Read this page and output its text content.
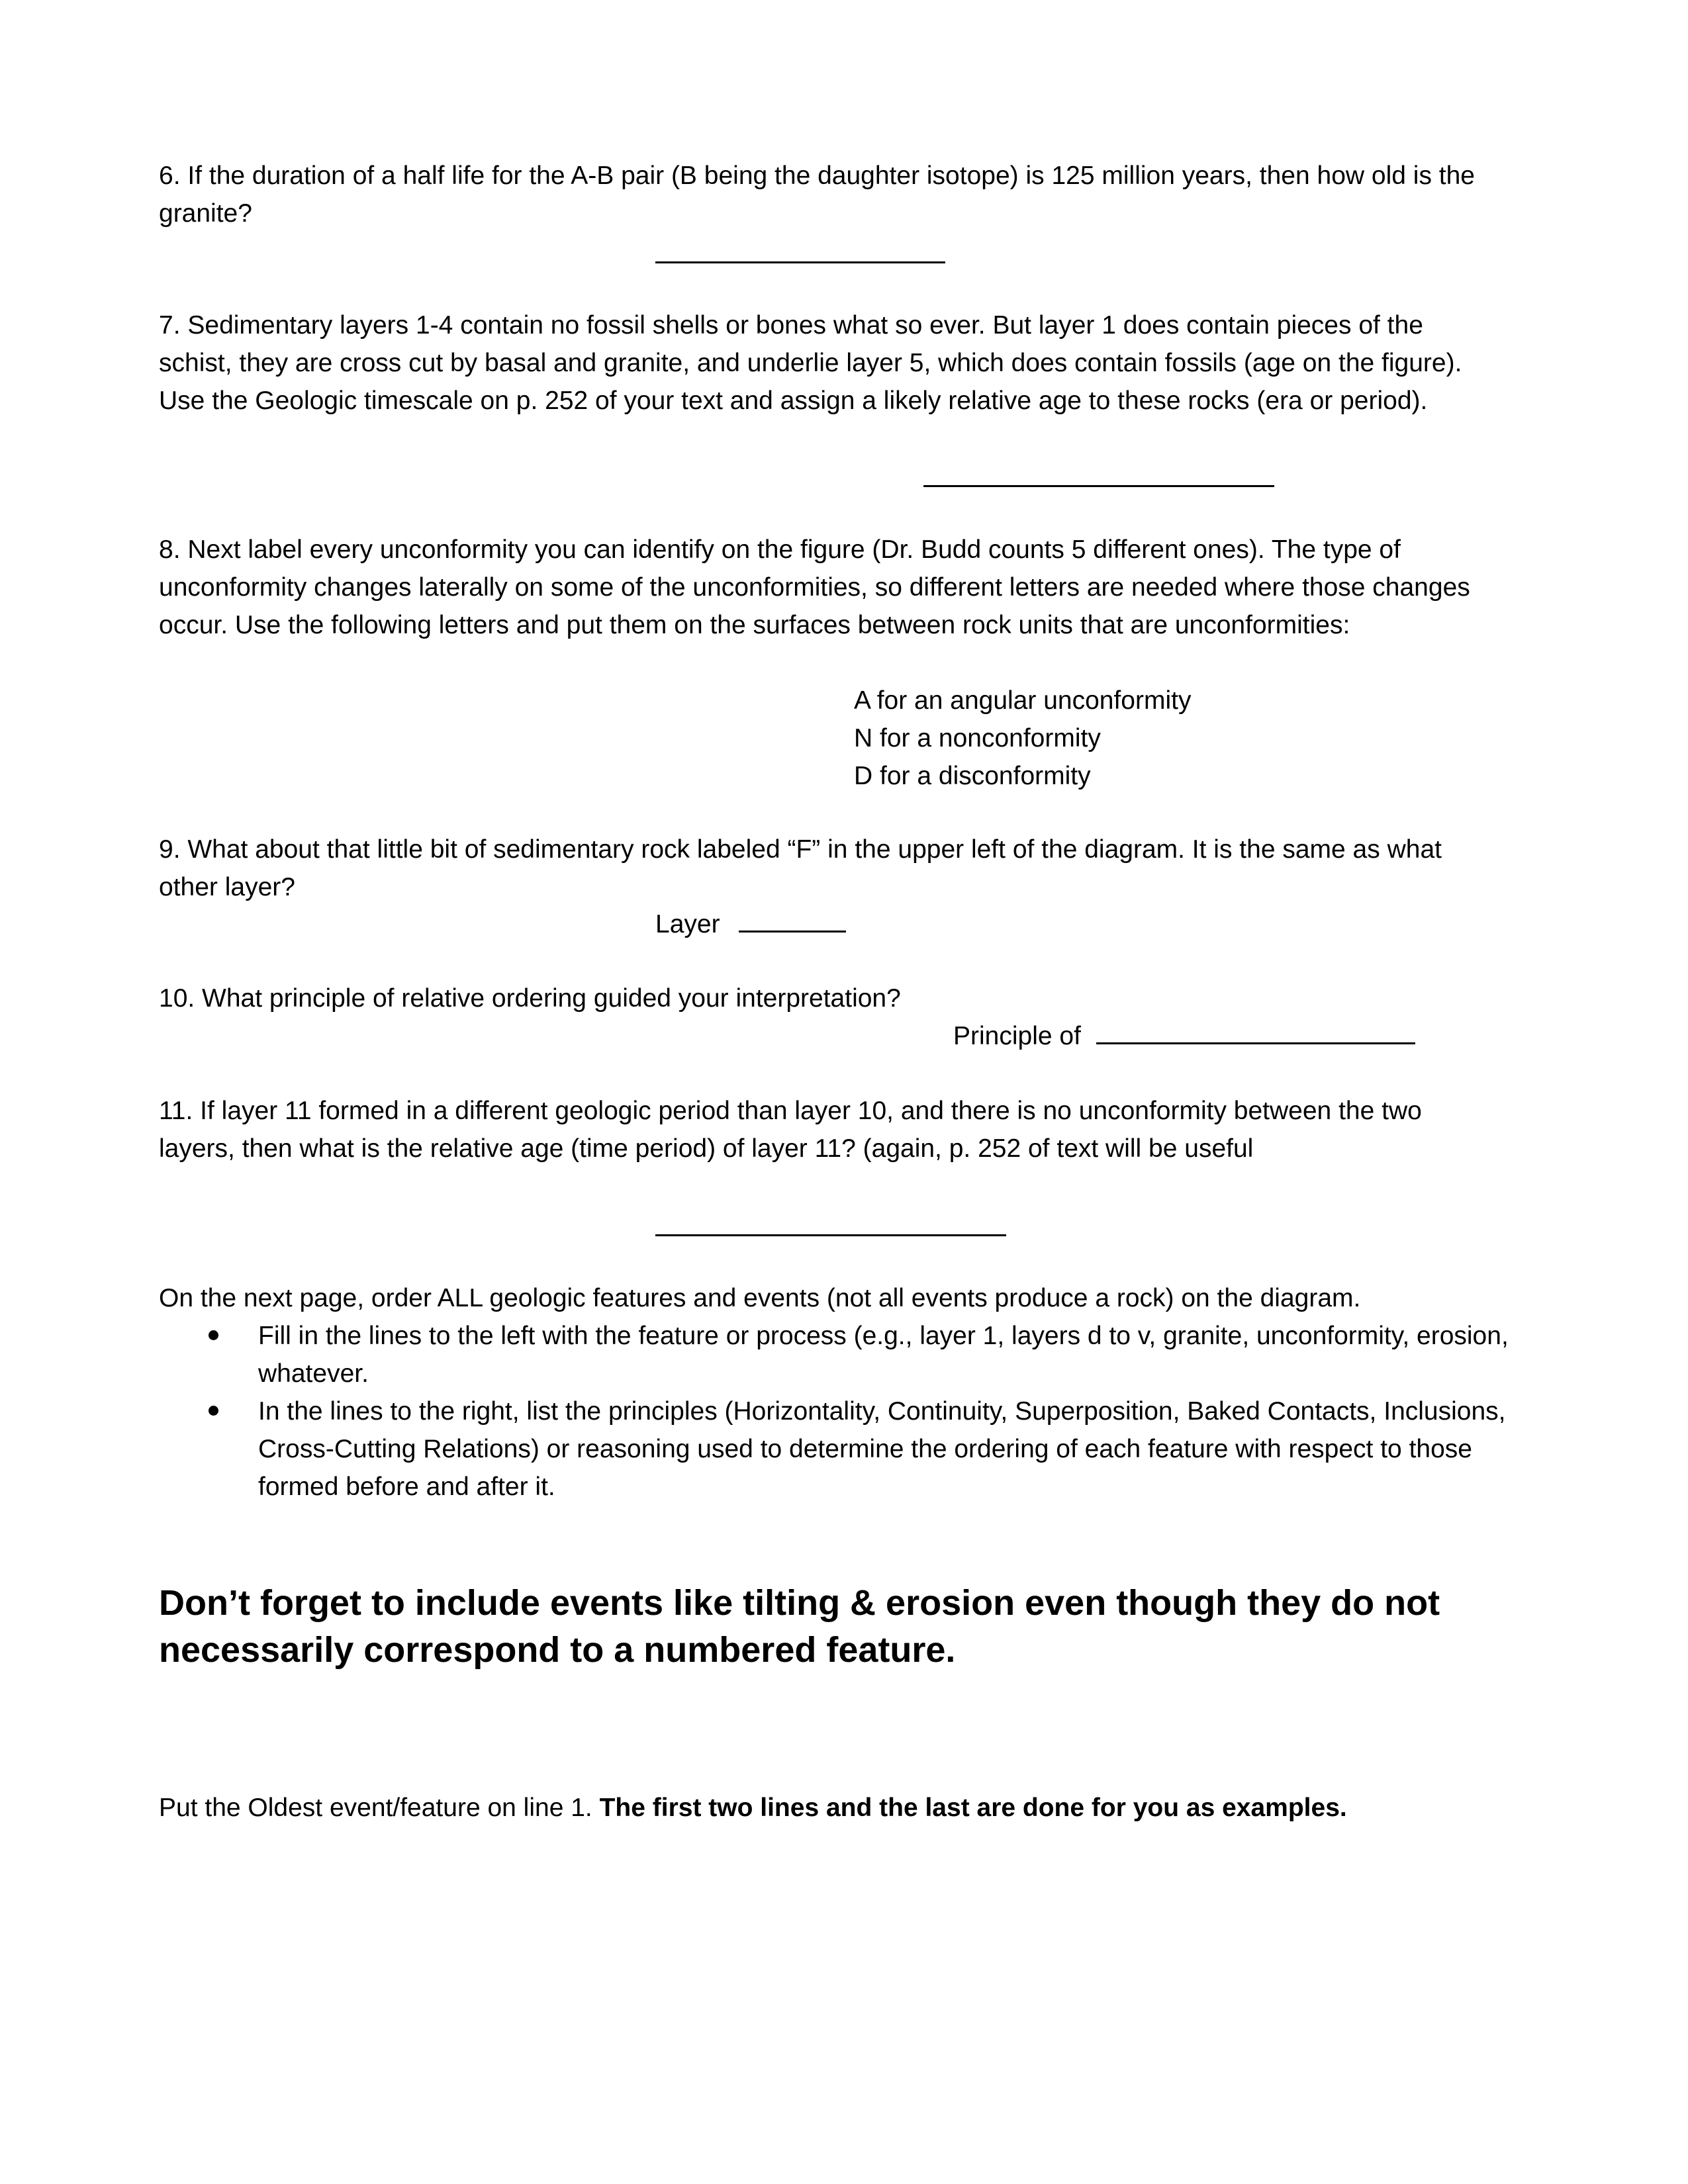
6. If the duration of a half life for the A-B pair (B being the daughter isotope) is 125 million years, then how old is the granite?

7. Sedimentary layers 1-4 contain no fossil shells or bones what so ever. But layer 1 does contain pieces of the schist, they are cross cut by basal and granite, and underlie layer 5, which does contain fossils (age on the figure). Use the Geologic timescale on p. 252 of your text and assign a likely relative age to these rocks (era or period).

8. Next label every unconformity you can identify on the figure (Dr. Budd counts 5 different ones). The type of unconformity changes laterally on some of the unconformities, so different letters are needed where those changes occur. Use the following letters and put them on the surfaces between rock units that are unconformities:

A for an angular unconformity
N for a nonconformity
D for a disconformity

9. What about that little bit of sedimentary rock labeled “F” in the upper left of the diagram. It is the same as what other layer?

Layer

10. What principle of relative ordering guided your interpretation?

Principle of

11. If layer 11 formed in a different geologic period than layer 10, and there is no unconformity between the two layers, then what is the relative age (time period) of layer 11? (again, p. 252 of text will be useful

On the next page, order ALL geologic features and events (not all events produce a rock) on the diagram.

Fill in the lines to the left with the feature or process (e.g., layer 1, layers d to v, granite, unconformity, erosion, whatever.
In the lines to the right, list the principles (Horizontality, Continuity, Superposition, Baked Contacts, Inclusions, Cross-Cutting Relations) or reasoning used to determine the ordering of each feature with respect to those formed before and after it.

Don’t forget to include events like tilting & erosion even though they do not necessarily correspond to a numbered feature.

Put the Oldest event/feature on line 1. The first two lines and the last are done for you as examples.
